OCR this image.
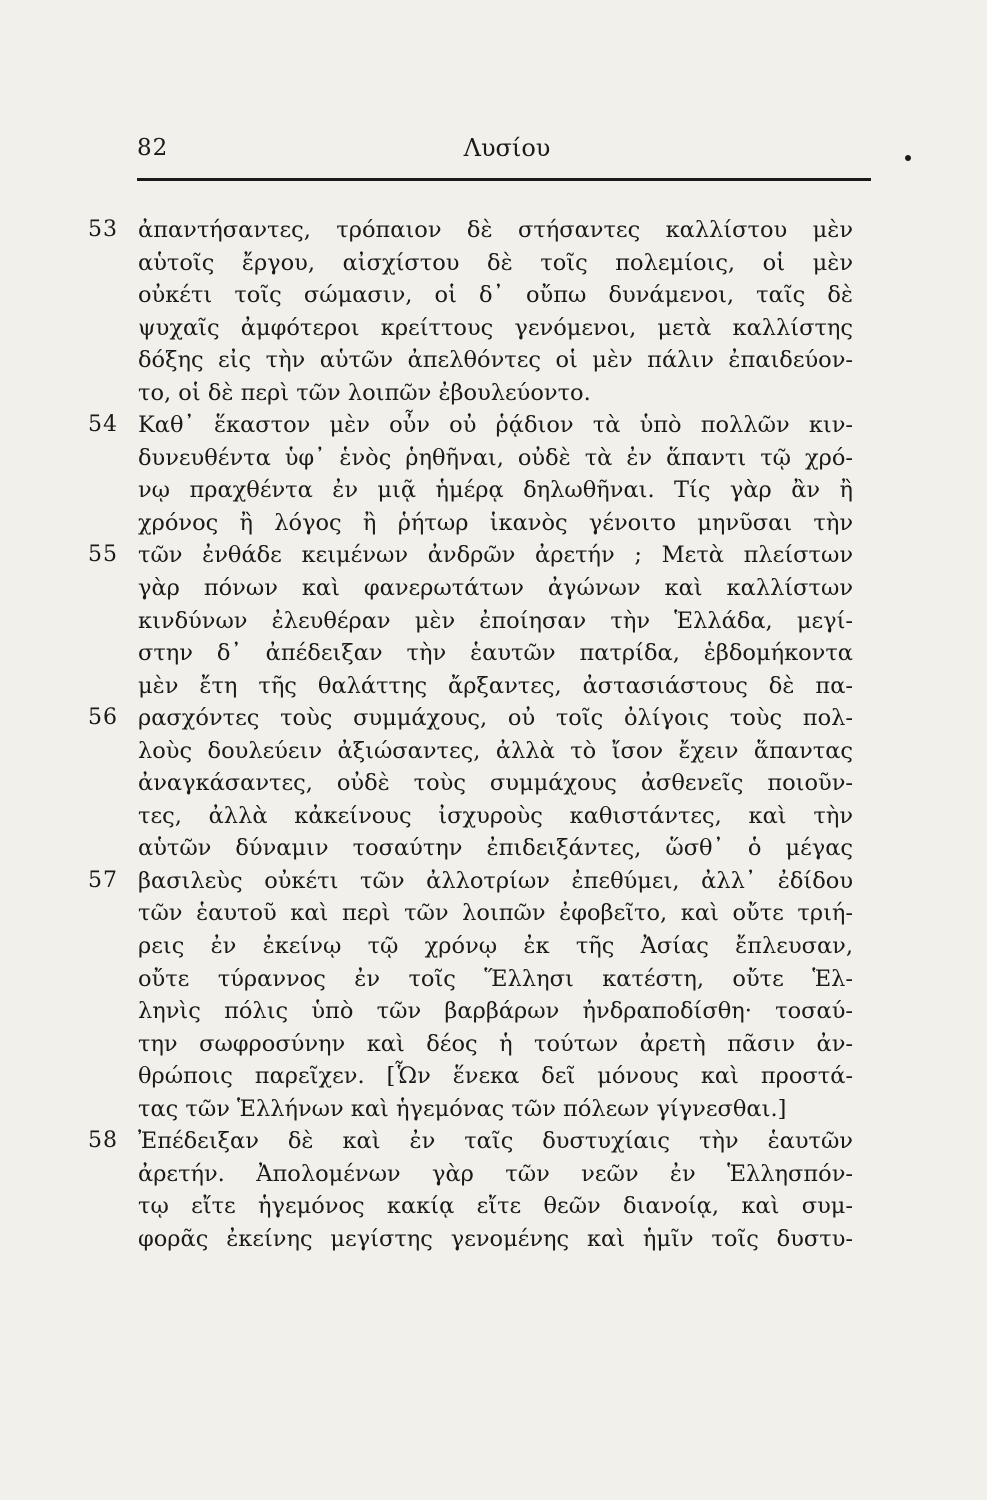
82	Λυσίου
53 ἀπαντήσαντες, τρόπαιον δὲ στήσαντες καλλίστου μὲν
αὑτοῖς ἔργου, αἰσχίστου δὲ τοῖς πολεμίοις, οἱ μὲν
οὐκέτι τοῖς σώμασιν, οἱ δ᾽ οὔπω δυνάμενοι, ταῖς δὲ
ψυχαῖς ἀμφότεροι κρείττους γενόμενοι, μετὰ καλλίστης
δόξης εἰς τὴν αὑτῶν ἀπελθόντες οἱ μὲν πάλιν ἐπαιδεύον-
το, οἱ δὲ περὶ τῶν λοιπῶν ἐβουλεύοντο.
54 Καθ᾽ ἕκαστον μὲν οὖν οὐ ῥᾴδιον τὰ ὑπὸ πολλῶν κιν-
δυνευθέντα ὑφ᾽ ἑνὸς ῥηθῆναι, οὐδὲ τὰ ἐν ἅπαντι τῷ χρό-
νῳ πραχθέντα ἐν μιᾷ ἡμέρᾳ δηλωθῆναι. Τίς γὰρ ἂν ἢ
χρόνος ἢ λόγος ἢ ῥήτωρ ἱκανὸς γένοιτο μηνῦσαι τὴν
55 τῶν ἐνθάδε κειμένων ἀνδρῶν ἀρετήν ; Μετὰ πλείστων
γὰρ πόνων καὶ φανερωτάτων ἀγώνων καὶ καλλίστων
κινδύνων ἐλευθέραν μὲν ἐποίησαν τὴν Ἑλλάδα, μεγί-
στην δ᾽ ἀπέδειξαν τὴν ἑαυτῶν πατρίδα, ἑβδομήκοντα
μὲν ἔτη τῆς θαλάττης ἄρξαντες, ἀστασιάστους δὲ πα-
56 ρασχόντες τοὺς συμμάχους, οὐ τοῖς ὀλίγοις τοὺς πολ-
λοὺς δουλεύειν ἀξιώσαντες, ἀλλὰ τὸ ἴσον ἔχειν ἅπαντας
ἀναγκάσαντες, οὐδὲ τοὺς συμμάχους ἀσθενεῖς ποιοῦν-
τες, ἀλλὰ κἀκείνους ἰσχυροὺς καθιστάντες, καὶ τὴν
αὑτῶν δύναμιν τοσαύτην ἐπιδειξάντες, ὥσθ᾽ ὁ μέγας
57 βασιλεὺς οὐκέτι τῶν ἀλλοτρίων ἐπεθύμει, ἀλλ᾽ ἐδίδου
τῶν ἑαυτοῦ καὶ περὶ τῶν λοιπῶν ἐφοβεῖτο, καὶ οὔτε τριή-
ρεις ἐν ἐκείνῳ τῷ χρόνῳ ἐκ τῆς Ἀσίας ἔπλευσαν,
οὔτε τύραννος ἐν τοῖς Ἕλλησι κατέστη, οὔτε Ἑλ-
ληνὶς πόλις ὑπὸ τῶν βαρβάρων ἠνδραποδίσθη· τοσαύ-
την σωφροσύνην καὶ δέος ἡ τούτων ἀρετὴ πᾶσιν ἀν-
θρώποις παρεῖχεν. [Ὧν ἕνεκα δεῖ μόνους καὶ προστά-
τας τῶν Ἑλλήνων καὶ ἡγεμόνας τῶν πόλεων γίγνεσθαι.]
58 Ἐπέδειξαν δὲ καὶ ἐν ταῖς δυστυχίαις τὴν ἑαυτῶν
ἀρετήν. Ἀπολομένων γὰρ τῶν νεῶν ἐν Ἑλλησπόν-
τῳ εἴτε ἡγεμόνος κακίᾳ εἴτε θεῶν διανοίᾳ, καὶ συμ-
φορᾶς ἐκείνης μεγίστης γενομένης καὶ ἡμῖν τοῖς δυστυ-
